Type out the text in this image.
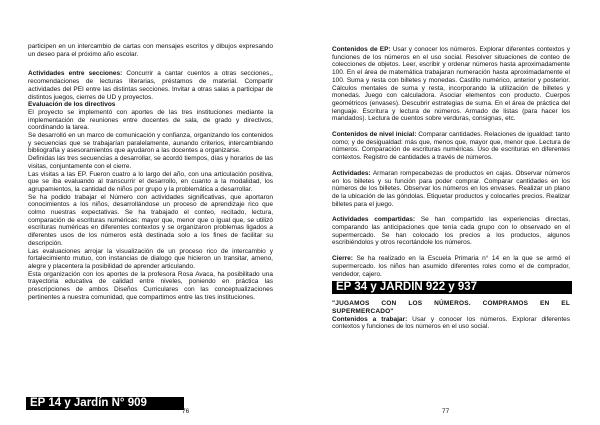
participen en un intercambio de cartas con mensajes escritos y dibujos expresando un deseo para el próximo año escolar.

Actividades entre secciones: Concurrir a cantar cuentos a otras secciones,, recomendaciones de lecturas literarias, préstamos de material. Compartir actividades del PEI entre las distintas secciones. Invitar a otras salas a participar de distintos juegos, cierres de UD y proyectos.

Evaluación de los directivos

El proyecto se implementó con aportes de las tres instituciones mediante la implementación de reuniones entre docentes de sala, de grado y directivos, coordinando la tarea.

Se desarrolló en un marco de comunicación y confianza, organizando los contenidos y secuencias que se trabajarían paralelamente, aunando criterios, intercambiando bibliografía y asesoramientos que ayudaron a las docentes a organizarse.

Definidas las tres secuencias a desarrollar, se acordó tiempos, días y horarios de las visitas, conjuntamente con el cierre.

Las visitas a las EP. Fueron cuatro a lo largo del año, con una articulación positiva, que se iba evaluando al transcurrir el desarrollo, en cuanto a la modalidad, los agrupamientos, la cantidad de niños por grupo y la problemática a desarrollar.

Se ha podido trabajar el Número con actividades significativas, que aportaron conocimientos a los niños, desarrollándose un proceso de aprendizaje rico que colmo nuestras expectativas. Se ha trabajado el conteo, recitado, lectura, comparación de escrituras numéricas: mayor que, menor que o igual que, se utilizó escrituras numéricas en diferentes contextos y se organizaron problemas ligados a diferentes usos de los números está destinada solo a los fines de facilitar su descripción.

Las evaluaciones arrojar la visualización de un proceso rico de intercambio y fortalecimiento mutuo, con instancias de dialogo que hicieron un transitar, ameno, alegre y placentera la posibilidad de aprender articulando.

Esta organización con los aportes de la profesora Rosa Avaca, ha posibilitado una trayectoria educativa de calidad entre niveles, poniendo en práctica las prescripciones de ambos Diseños Curriculares con las conceptualizaciones pertinentes a nuestra comunidad, que compartimos entre las tres instituciones.

EP 14 y Jardín N° 909
76

Contenidos de EP: Usar y conocer los números. Explorar diferentes contextos y funciones de los números en el uso social. Resolver situaciones de conteo de colecciones de objetos. Leer, escribir y ordenar números hasta aproximadamente 100. En el área de matemática trabajaran numeración hasta aproximadamente el 100. Suma y resta con billetes y monedas. Castillo numérico, anterior y posterior. Cálculos mentales de suma y resta, incorporando la utilización de billetes y monedas. Juego con calculadora. Asociar elementos con producto. Cuerpos geométricos (envases). Descubrir estrategias de suma. En el área de práctica del lenguaje. Escritura y lectura de números. Armado de listas (para hacer los mandados). Lectura de cuentos sobre verduras, consignas, etc.

Contenidos de nivel inicial: Comparar cantidades. Relaciones de igualdad: tanto como; y de desigualdad: más que, menos que, mayor que, menor que. Lectura de números. Comparación de escrituras numéricas. Uso de escrituras en diferentes contextos. Registro de cantidades a través de números.

Actividades: Armaran rompecabezas de productos en cajas. Observar números en los billetes y su función para poder comprar. Comparar cantidades en los números de los billetes. Observar los números en los envases. Realizar un plano de la ubicación de las góndolas. Etiquetar productos y colocarles precios. Realizar billetes para el juego.

Actividades compartidas: Se han compartido las experiencias directas, comparando las anticipaciones que tenía cada grupo con lo observado en el supermercado. Se han colocado los precios a los productos, algunos escribiéndolos y otros recortándole los números.

Cierre: Se ha realizado en la Escuela Primaria n° 14 en la que se armó el supermercado. los niños han asumido diferentes roles como el de comprador, vendedor, cajero.

EP 34 y JARDÍN 922 y 937

"JUGAMOS CON LOS NÚMEROS. COMPRAMOS EN EL SUPERMERCADO"

Contenidos a trabajar: Usar y conocer los números. Explorar diferentes contextos y funciones de los números en el uso social.

77
